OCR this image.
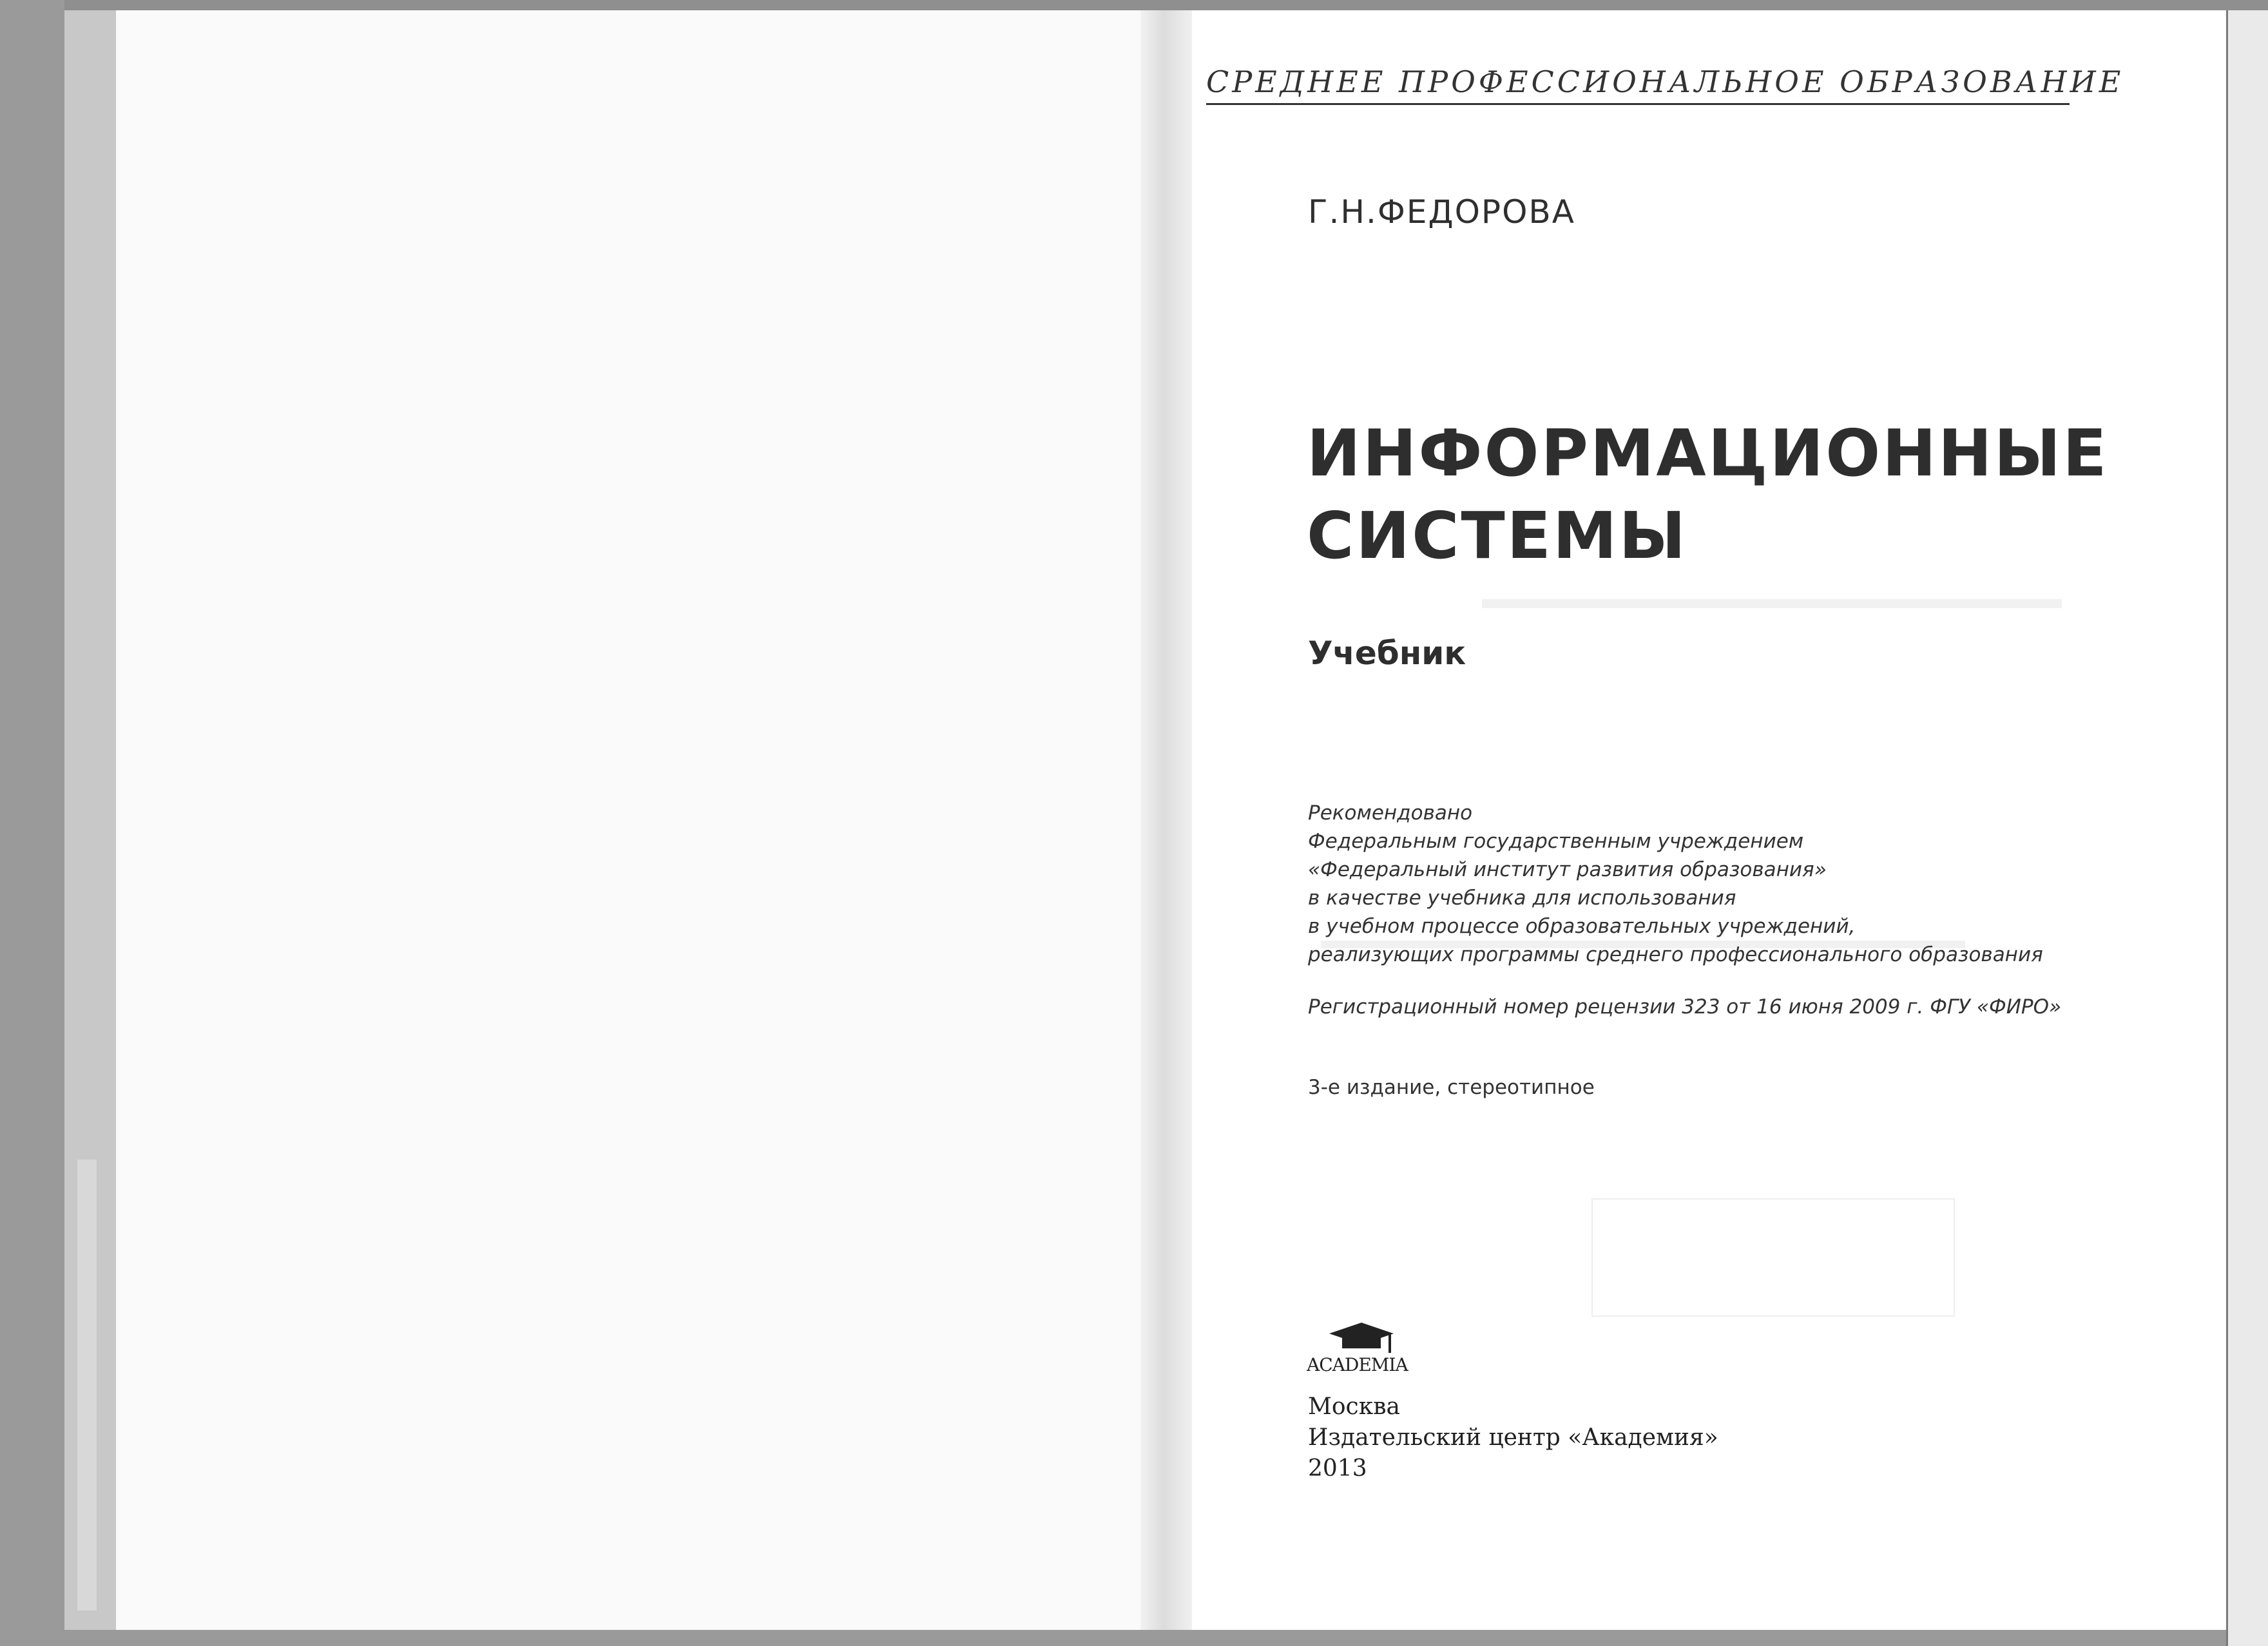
СРЕДНЕЕ ПРОФЕССИОНАЛЬНОЕ ОБРАЗОВАНИЕ
Г.Н.ФЕДОРОВА
ИНФОРМАЦИОННЫЕ
СИСТЕМЫ
Учебник
Рекомендовано
Федеральным государственным учреждением
«Федеральный институт развития образования»
в качестве учебника для использования
в учебном процессе образовательных учреждений,
реализующих программы среднего профессионального образования
Регистрационный номер рецензии 323 от 16 июня 2009 г. ФГУ «ФИРО»
3-е издание, стереотипное
ACADEMIA
Москва
Издательский центр «Академия»
2013
